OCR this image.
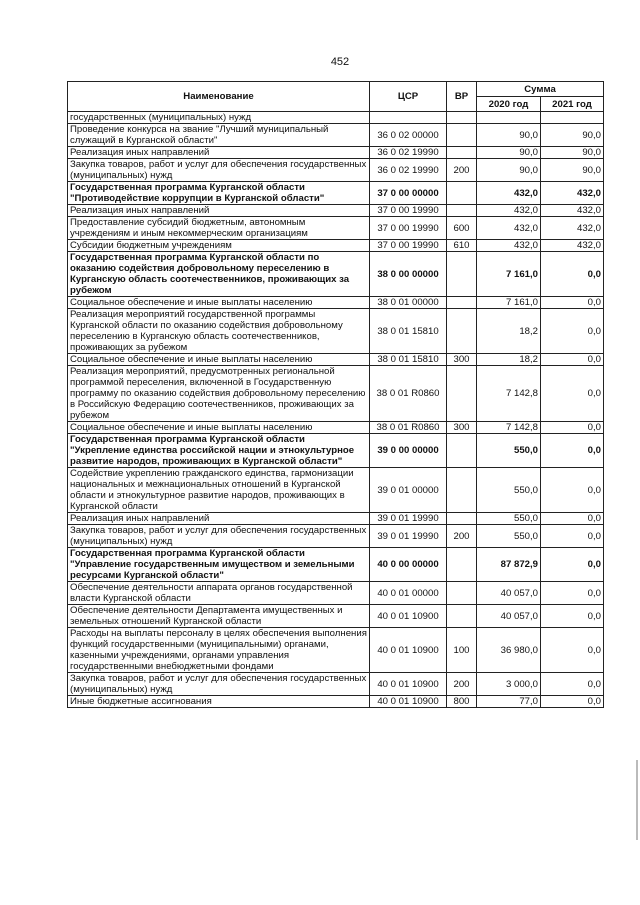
452
Наименование	ЦСР	ВР	Сумма	
			2020 год	2021 год
государственных (муниципальных) нужд				
Проведение конкурса на звание "Лучший муниципальный служащий в Курганской области"	36 0 02 00000		90,0	90,0
Реализация иных направлений	36 0 02 19990		90,0	90,0
Закупка товаров, работ и услуг для обеспечения государственных (муниципальных) нужд	36 0 02 19990	200	90,0	90,0
Государственная программа Курганской области "Противодействие коррупции в Курганской области"	37 0 00 00000		432,0	432,0
Реализация иных направлений	37 0 00 19990		432,0	432,0
Предоставление субсидий бюджетным, автономным учреждениям и иным некоммерческим организациям	37 0 00 19990	600	432,0	432,0
Субсидии бюджетным учреждениям	37 0 00 19990	610	432,0	432,0
Государственная программа Курганской области по оказанию содействия добровольному переселению в Курганскую область соотечественников, проживающих за рубежом	38 0 00 00000		7 161,0	0,0
Социальное обеспечение и иные выплаты населению	38 0 01 00000		7 161,0	0,0
Реализация мероприятий государственной программы Курганской области по оказанию содействия добровольному переселению в Курганскую область соотечественников, проживающих за рубежом	38 0 01 15810		18,2	0,0
Социальное обеспечение и иные выплаты населению	38 0 01 15810	300	18,2	0,0
Реализация мероприятий, предусмотренных региональной программой переселения, включенной в Государственную программу по оказанию содействия добровольному переселению в Российскую Федерацию соотечественников, проживающих за рубежом	38 0 01 R0860		7 142,8	0,0
Социальное обеспечение и иные выплаты населению	38 0 01 R0860	300	7 142,8	0,0
Государственная программа Курганской области "Укрепление единства российской нации и этнокультурное развитие народов, проживающих в Курганской области"	39 0 00 00000		550,0	0,0
Содействие укреплению гражданского единства, гармонизации национальных и межнациональных отношений в Курганской области и этнокультурное развитие народов, проживающих в Курганской области	39 0 01 00000		550,0	0,0
Реализация иных направлений	39 0 01 19990		550,0	0,0
Закупка товаров, работ и услуг для обеспечения государственных (муниципальных) нужд	39 0 01 19990	200	550,0	0,0
Государственная программа Курганской области "Управление государственным имуществом и земельными ресурсами Курганской области"	40 0 00 00000		87 872,9	0,0
Обеспечение деятельности аппарата органов государственной власти Курганской области	40 0 01 00000		40 057,0	0,0
Обеспечение деятельности Департамента имущественных и земельных отношений Курганской области	40 0 01 10900		40 057,0	0,0
Расходы на выплаты персоналу в целях обеспечения выполнения функций государственными (муниципальными) органами, казенными учреждениями, органами управления государственными внебюджетными фондами	40 0 01 10900	100	36 980,0	0,0
Закупка товаров, работ и услуг для обеспечения государственных (муниципальных) нужд	40 0 01 10900	200	3 000,0	0,0
Иные бюджетные ассигнования	40 0 01 10900	800	77,0	0,0
